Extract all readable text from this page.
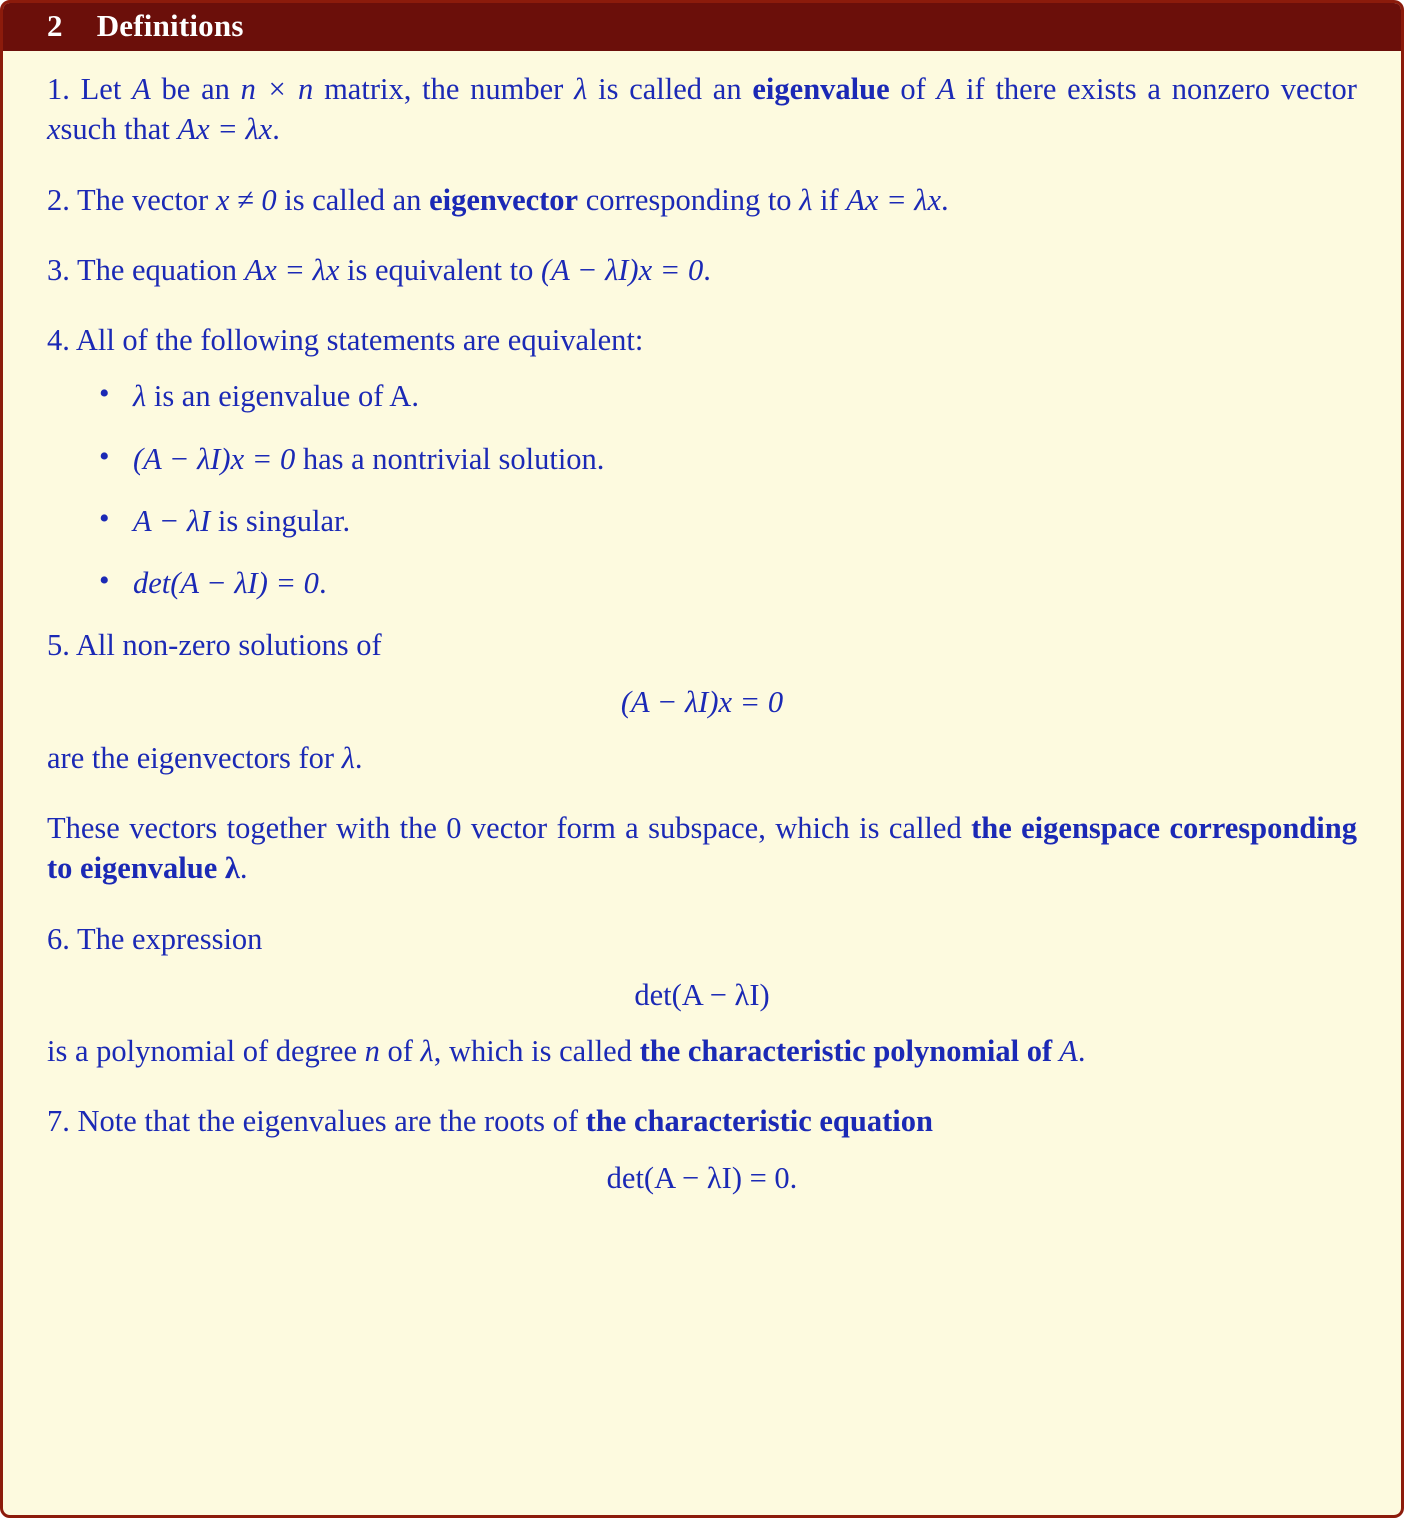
2 Definitions

1. Let A be an n × n matrix, the number λ is called an eigenvalue of A if there exists a nonzero vector xsuch that Ax = λx.

2. The vector x ≠ 0 is called an eigenvector corresponding to λ if Ax = λx.

3. The equation Ax = λx is equivalent to (A − λI)x = 0.

4. All of the following statements are equivalent:

• λ is an eigenvalue of A.
• (A − λI)x = 0 has a nontrivial solution.
• A − λI is singular.
• det(A − λI) = 0.

5. All non-zero solutions of

(A − λI)x = 0

are the eigenvectors for λ.

These vectors together with the 0 vector form a subspace, which is called the eigenspace corresponding to eigenvalue λ.

6. The expression

det(A − λI)

is a polynomial of degree n of λ, which is called the characteristic polynomial of A.

7. Note that the eigenvalues are the roots of the characteristic equation

det(A − λI) = 0.
